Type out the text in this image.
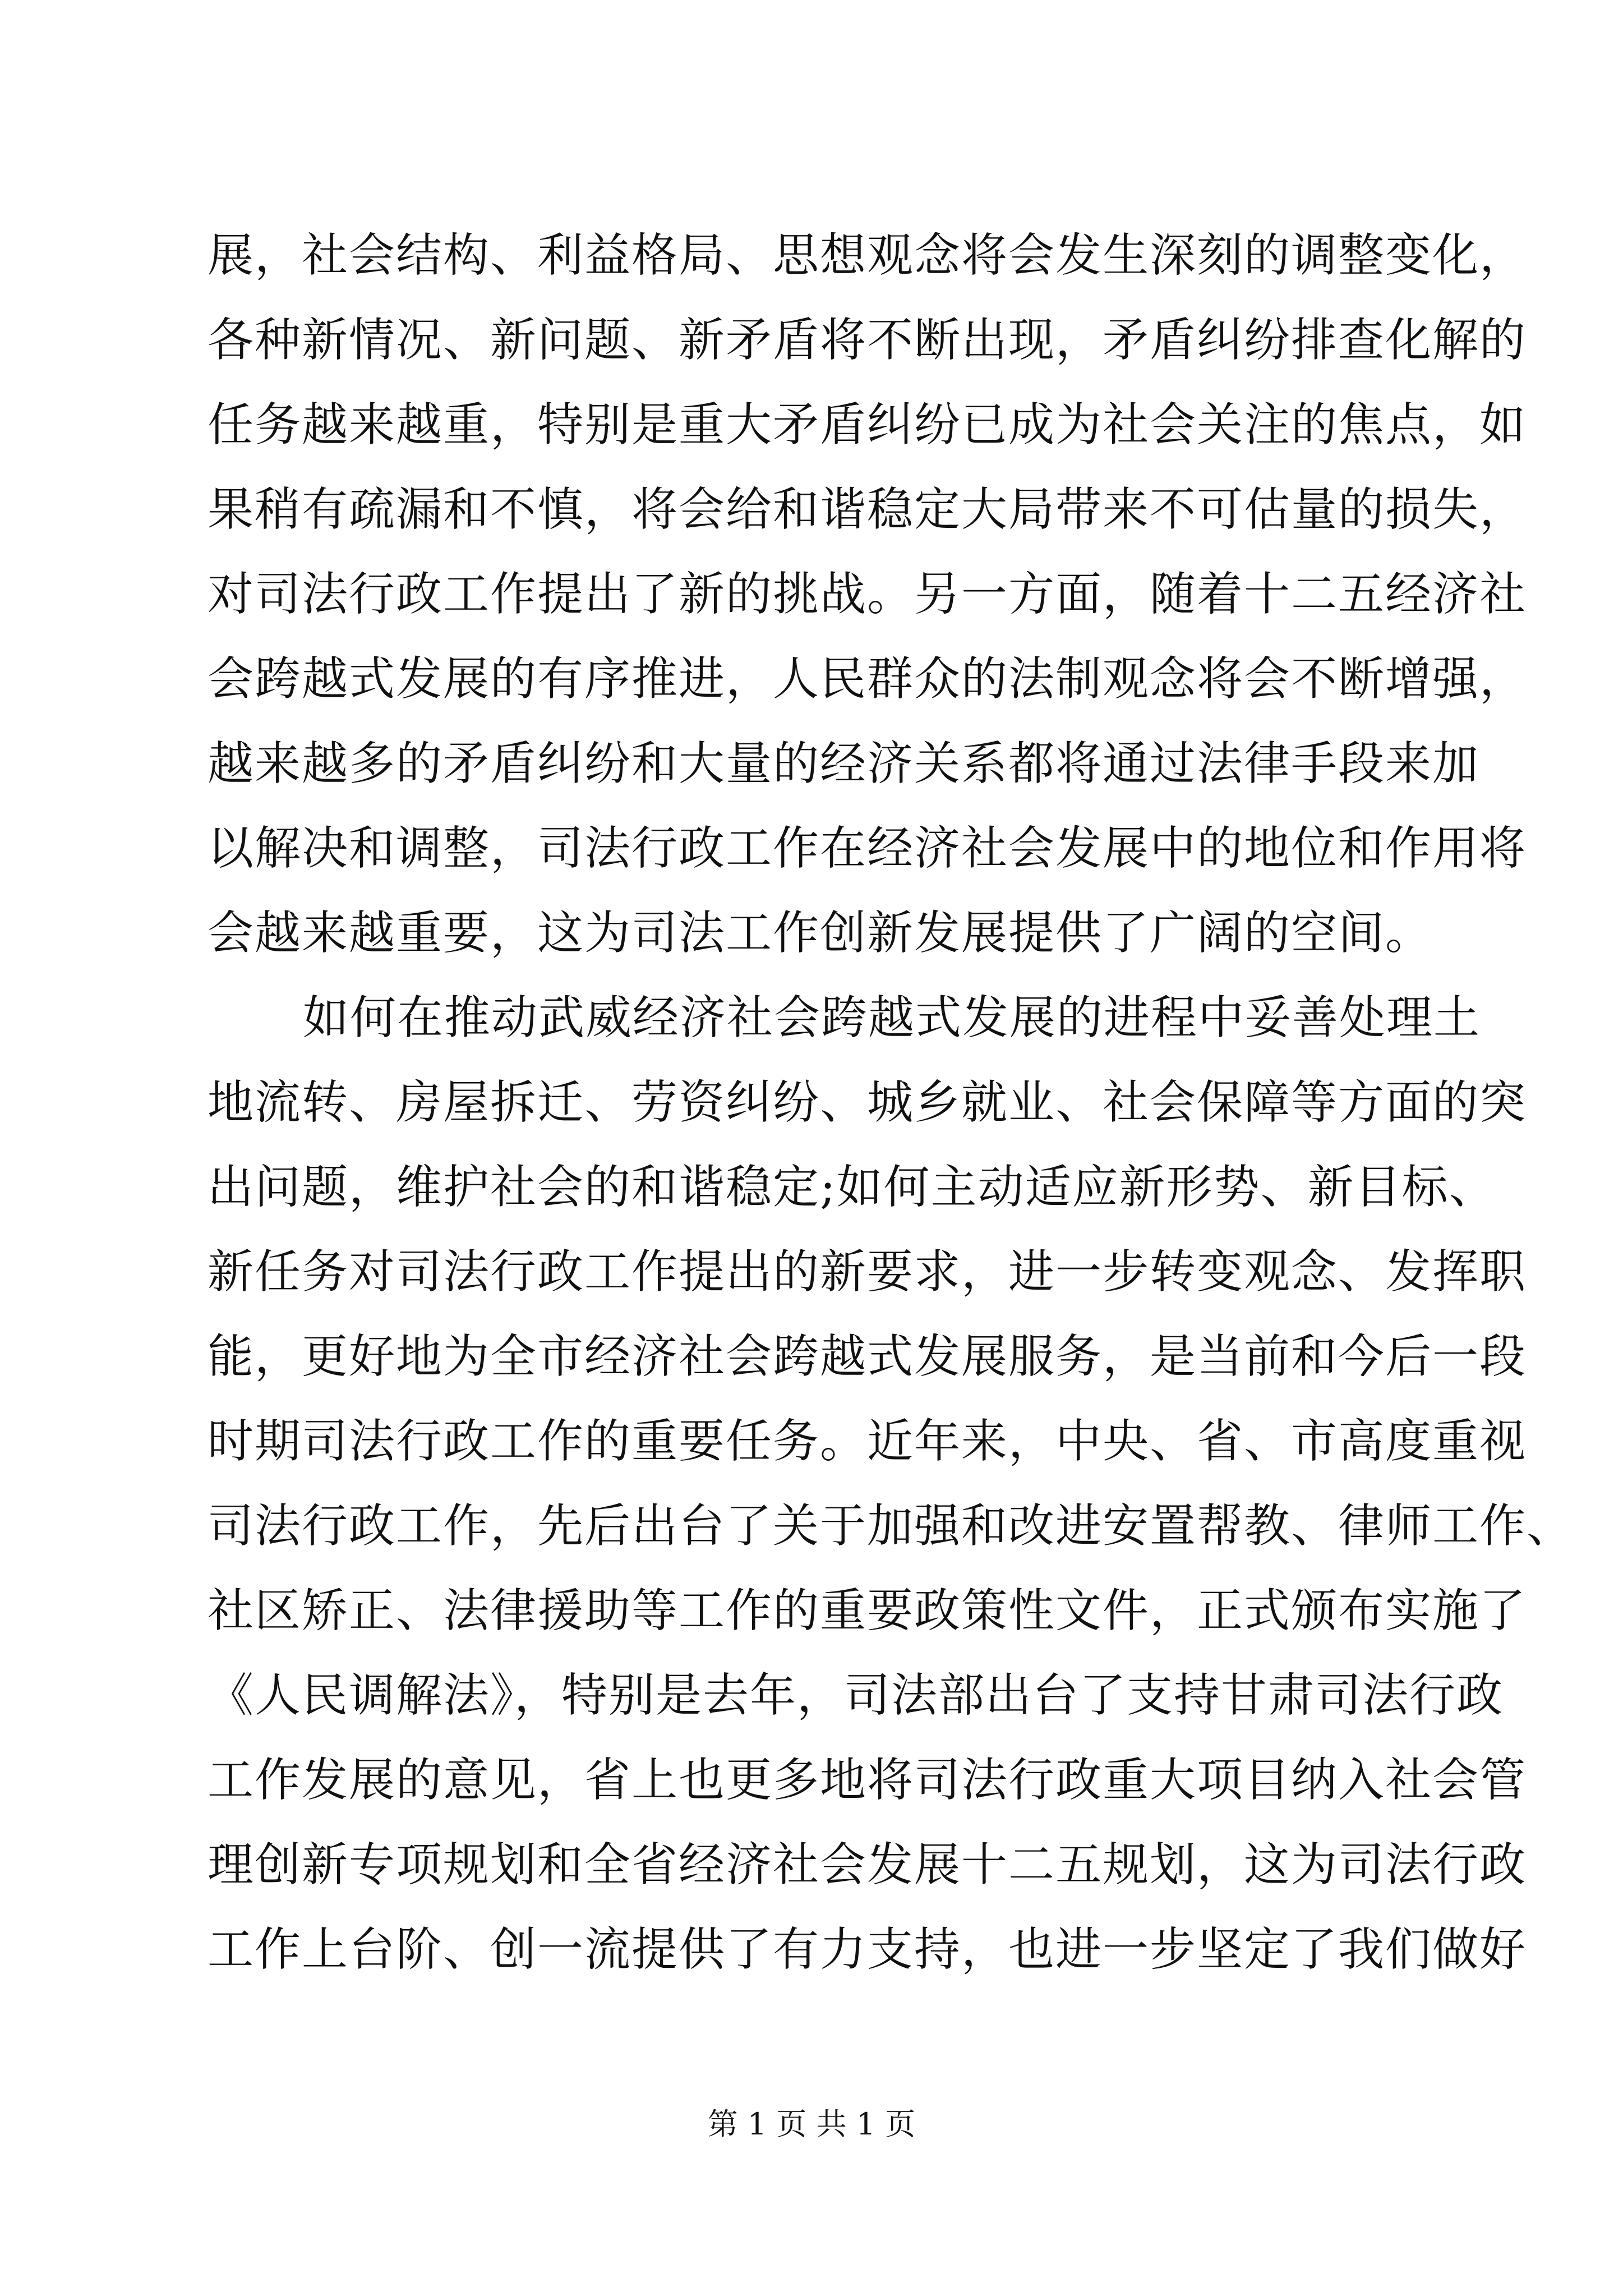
展，社会结构、利益格局、思想观念将会发生深刻的调整变化，
各种新情况、新问题、新矛盾将不断出现，矛盾纠纷排查化解的
任务越来越重，特别是重大矛盾纠纷已成为社会关注的焦点，如
果稍有疏漏和不慎，将会给和谐稳定大局带来不可估量的损失，
对司法行政工作提出了新的挑战。另一方面，随着十二五经济社
会跨越式发展的有序推进，人民群众的法制观念将会不断增强，
越来越多的矛盾纠纷和大量的经济关系都将通过法律手段来加
以解决和调整，司法行政工作在经济社会发展中的地位和作用将
会越来越重要，这为司法工作创新发展提供了广阔的空间。
如何在推动武威经济社会跨越式发展的进程中妥善处理土
地流转、房屋拆迁、劳资纠纷、城乡就业、社会保障等方面的突
出问题，维护社会的和谐稳定;如何主动适应新形势、新目标、
新任务对司法行政工作提出的新要求，进一步转变观念、发挥职
能，更好地为全市经济社会跨越式发展服务，是当前和今后一段
时期司法行政工作的重要任务。近年来，中央、省、市高度重视
司法行政工作，先后出台了关于加强和改进安置帮教、律师工作、
社区矫正、法律援助等工作的重要政策性文件，正式颁布实施了
《人民调解法》，特别是去年，司法部出台了支持甘肃司法行政
工作发展的意见，省上也更多地将司法行政重大项目纳入社会管
理创新专项规划和全省经济社会发展十二五规划，这为司法行政
工作上台阶、创一流提供了有力支持，也进一步坚定了我们做好
第 1 页 共 1 页
